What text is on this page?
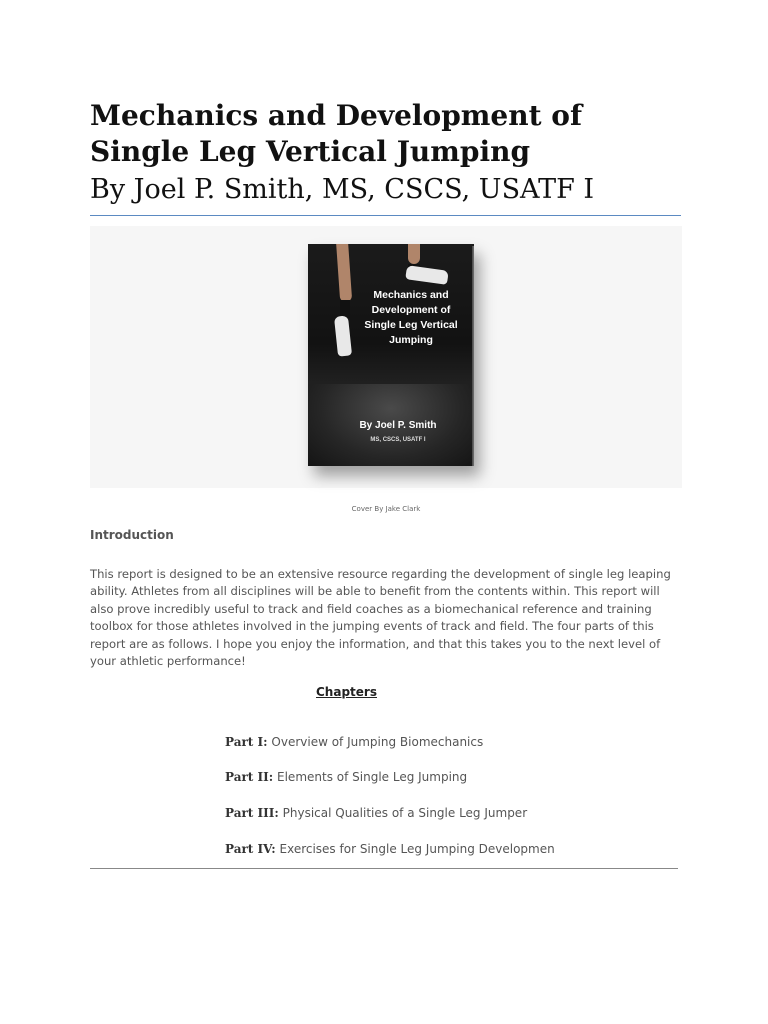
Mechanics and Development of Single Leg Vertical Jumping

By Joel P. Smith, MS, CSCS, USATF I

Mechanics and Development of Single Leg Vertical Jumping
By Joel P. Smith
MS, CSCS, USATF I
Cover By Jake Clark
Introduction

This report is designed to be an extensive resource regarding the development of single leg leaping ability. Athletes from all disciplines will be able to benefit from the contents within. This report will also prove incredibly useful to track and field coaches as a biomechanical reference and training toolbox for those athletes involved in the jumping events of track and field. The four parts of this report are as follows. I hope you enjoy the information, and that this takes you to the next level of your athletic performance!

Chapters
Part I: Overview of Jumping Biomechanics
Part II: Elements of Single Leg Jumping
Part III: Physical Qualities of a Single Leg Jumper
Part IV: Exercises for Single Leg Jumping Developmen
